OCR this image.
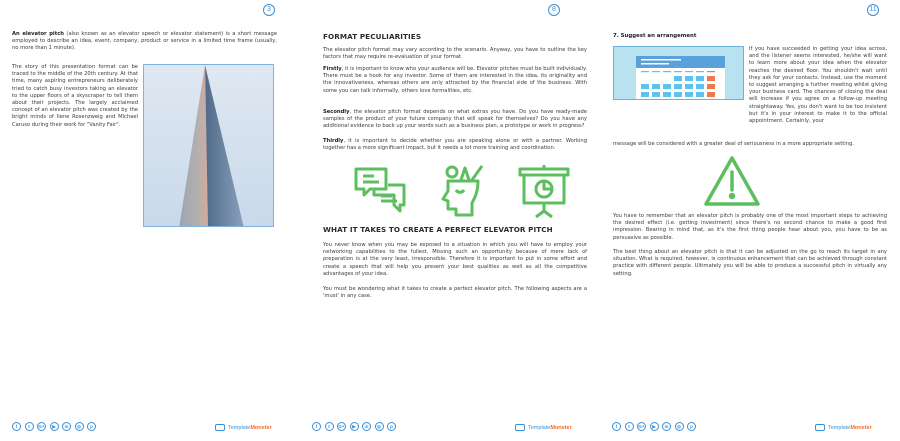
3
An elevator pitch (also known as an elevator speech or elevator statement) is a short message employed to describe an idea, event, company, product or service in a limited time frame (usually, no more than 1 minute).
The story of this presentation format can be traced to the middle of the 20th century. At that time, many aspiring entrepreneurs deliberately tried to catch busy investors taking an elevator to the upper floors of a skyscraper to tell them about their projects. The largely acclaimed concept of an elevator pitch was created by the bright minds of Ilene Rosenzweig and Michael Caruso during their work for "Vanity Fair".
f	t	G+	▶	in	◎	p	Template Monster
8
FORMAT PECULIARITIES
The elevator pitch format may vary according to the scenario. Anyway, you have to outline the key factors that may require re-evaluation of your format.
Firstly, it is important to know who your audience will be. Elevator pitches must be built individually. There must be a hook for any investor. Some of them are interested in the idea, its originality and the innovativeness, whereas others are only attracted by the financial side of the business. With some you can talk informally, others love formalities, etc.
Secondly, the elevator pitch format depends on what extras you have. Do you have ready-made samples of the product of your future company that will speak for themselves? Do you have any additional evidence to back up your words such as a business plan, a prototype or work in progress?
Thirdly, it is important to decide whether you are speaking alone or with a partner. Working together has a more significant impact, but it needs a lot more training and coordination.
WHAT IT TAKES TO CREATE A PERFECT ELEVATOR PITCH
You never know when you may be exposed to a situation in which you will have to employ your networking capabilities to the fullest. Missing such an opportunity because of mere lack of preparation is at the very least, irresponsible. Therefore it is important to put in some effort and create a speech that will help you present your best qualities as well as all the competitive advantages of your idea.
You must be wondering what it takes to create a perfect elevator pitch. The following aspects are a 'must' in any case.
f	t	G+	▶	in	◎	p	Template Monster
11
7. Suggest an arrangement
If you have succeeded in getting your idea across, and the listener seems interested, he/she will want to learn more about your idea when the elevator reaches the desired floor. You shouldn't wait until they ask for your contacts. Instead, use the moment to suggest arranging a further meeting whilst giving your business card. The chances of closing the deal will increase if you agree on a follow-up meeting straightaway. Yes, you don't want to be too insistent but it's in your interest to make it to the official appointment. Certainly, your
message will be considered with a greater deal of seriousness in a more appropriate setting.
You have to remember that an elevator pitch is probably one of the most important steps to achieving the desired effect (i.e. getting investment) since there's no second chance to make a good first impression. Bearing in mind that, as it's the first thing people hear about you, you have to be as persuasive as possible.
The best thing about an elevator pitch is that it can be adjusted on the go to reach its target in any situation. What is required, however, is continuous enhancement that can be achieved through constant practice with different people. Ultimately you will be able to produce a successful pitch in virtually any setting.
f	t	G+	▶	in	◎	p	Template Monster
